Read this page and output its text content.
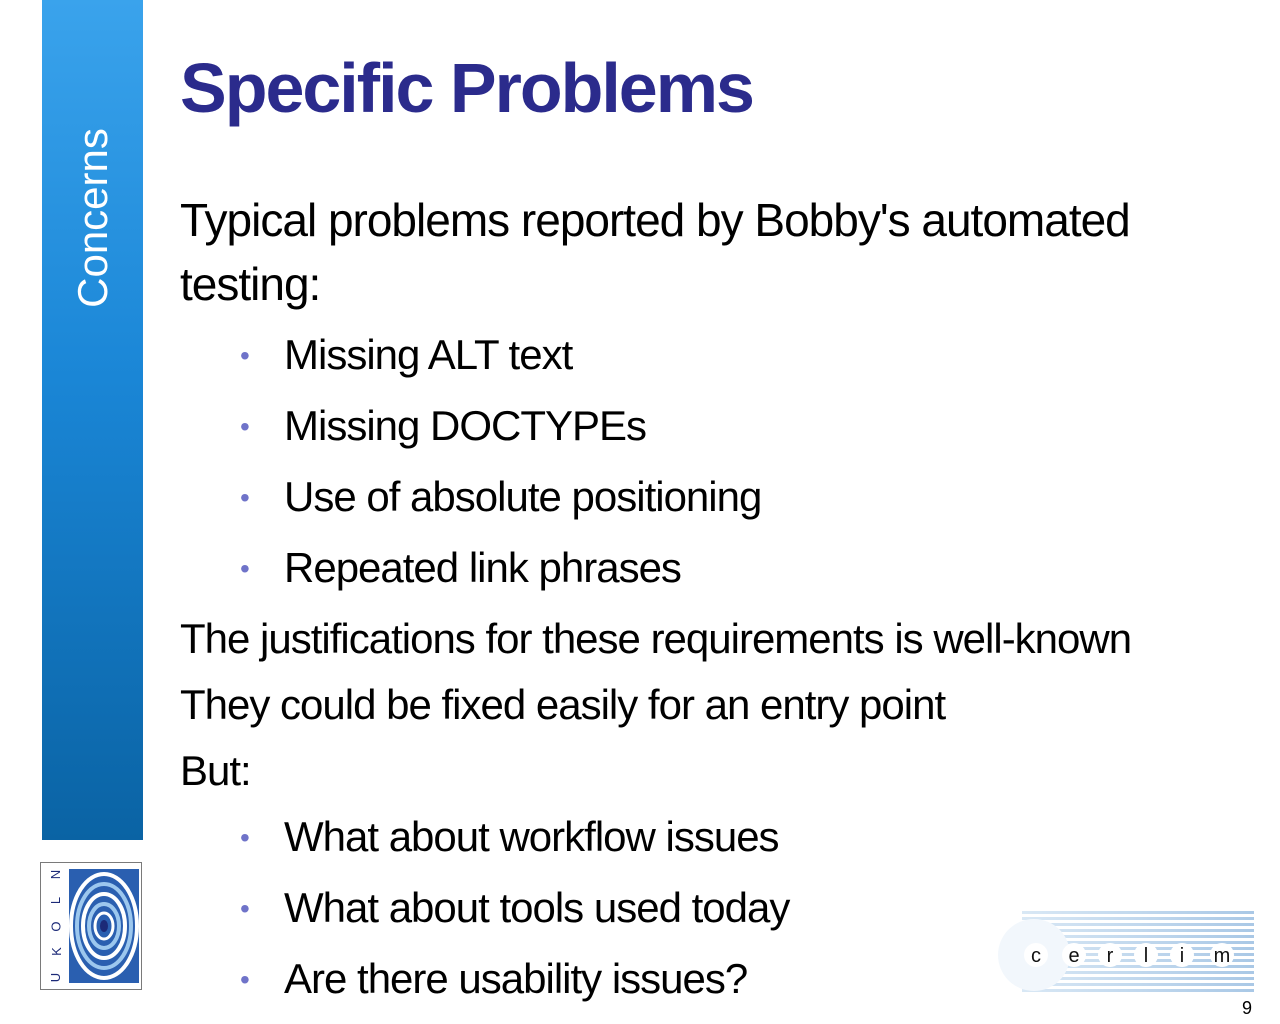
Concerns
Specific Problems

Typical problems reported by Bobby's automated testing:

• Missing ALT text
• Missing DOCTYPEs
• Use of absolute positioning
• Repeated link phrases

The justifications for these requirements is well-known

They could be fixed easily for an entry point

But:

• What about workflow issues
• What about tools used today
• Are there usability issues?
N
L
O
K
U
c e r l i m
9
